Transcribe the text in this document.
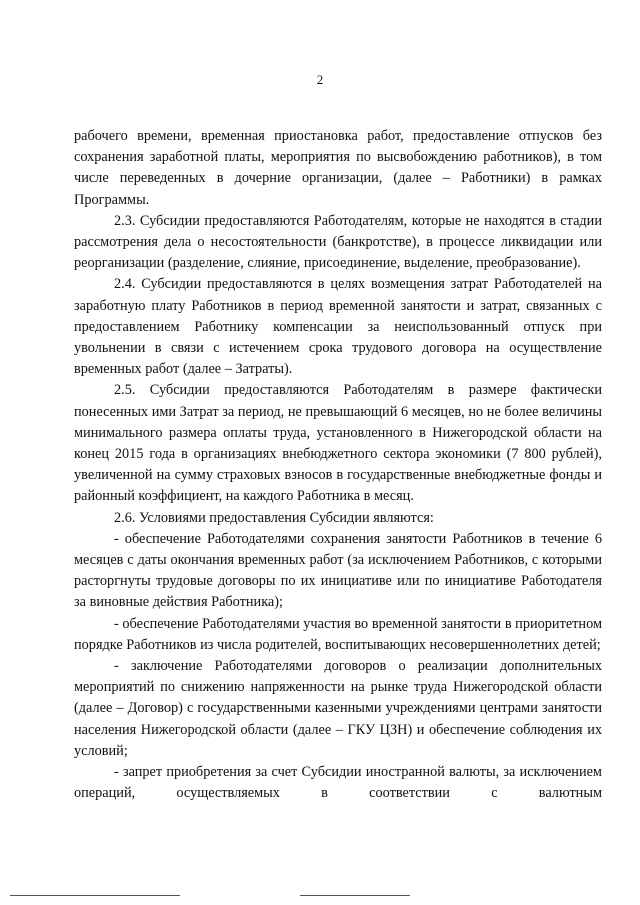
2

рабочего времени, временная приостановка работ, предоставление отпусков без сохранения заработной платы, мероприятия по высвобождению работников), в том числе переведенных в дочерние организации, (далее – Работники) в рамках Программы.

2.3. Субсидии предоставляются Работодателям, которые не находятся в стадии рассмотрения дела о несостоятельности (банкротстве), в процессе ликвидации или реорганизации (разделение, слияние, присоединение, выделение, преобразование).

2.4. Субсидии предоставляются в целях возмещения затрат Работодателей на заработную плату Работников в период временной занятости и затрат, связанных с предоставлением Работнику компенсации за неиспользованный отпуск при увольнении в связи с истечением срока трудового договора на осуществление временных работ (далее – Затраты).

2.5. Субсидии предоставляются Работодателям в размере фактически понесенных ими Затрат за период, не превышающий 6 месяцев, но не более величины минимального размера оплаты труда, установленного в Нижегородской области на конец 2015 года в организациях внебюджетного сектора экономики (7 800 рублей), увеличенной на сумму страховых взносов в государственные внебюджетные фонды и районный коэффициент, на каждого Работника в месяц.

2.6. Условиями предоставления Субсидии являются:

- обеспечение Работодателями сохранения занятости Работников в течение 6 месяцев с даты окончания временных работ (за исключением Работников, с которыми расторгнуты трудовые договоры по их инициативе или по инициативе Работодателя за виновные действия Работника);

- обеспечение Работодателями участия во временной занятости в приоритетном порядке Работников из числа родителей, воспитывающих несовершеннолетних детей;

- заключение Работодателями договоров о реализации дополнительных мероприятий по снижению напряженности на рынке труда Нижегородской области (далее – Договор) с государственными казенными учреждениями центрами занятости населения Нижегородской области (далее – ГКУ ЦЗН) и обеспечение соблюдения их условий;

- запрет приобретения за счет Субсидии иностранной валюты, за исключением операций, осуществляемых в соответствии с валютным
